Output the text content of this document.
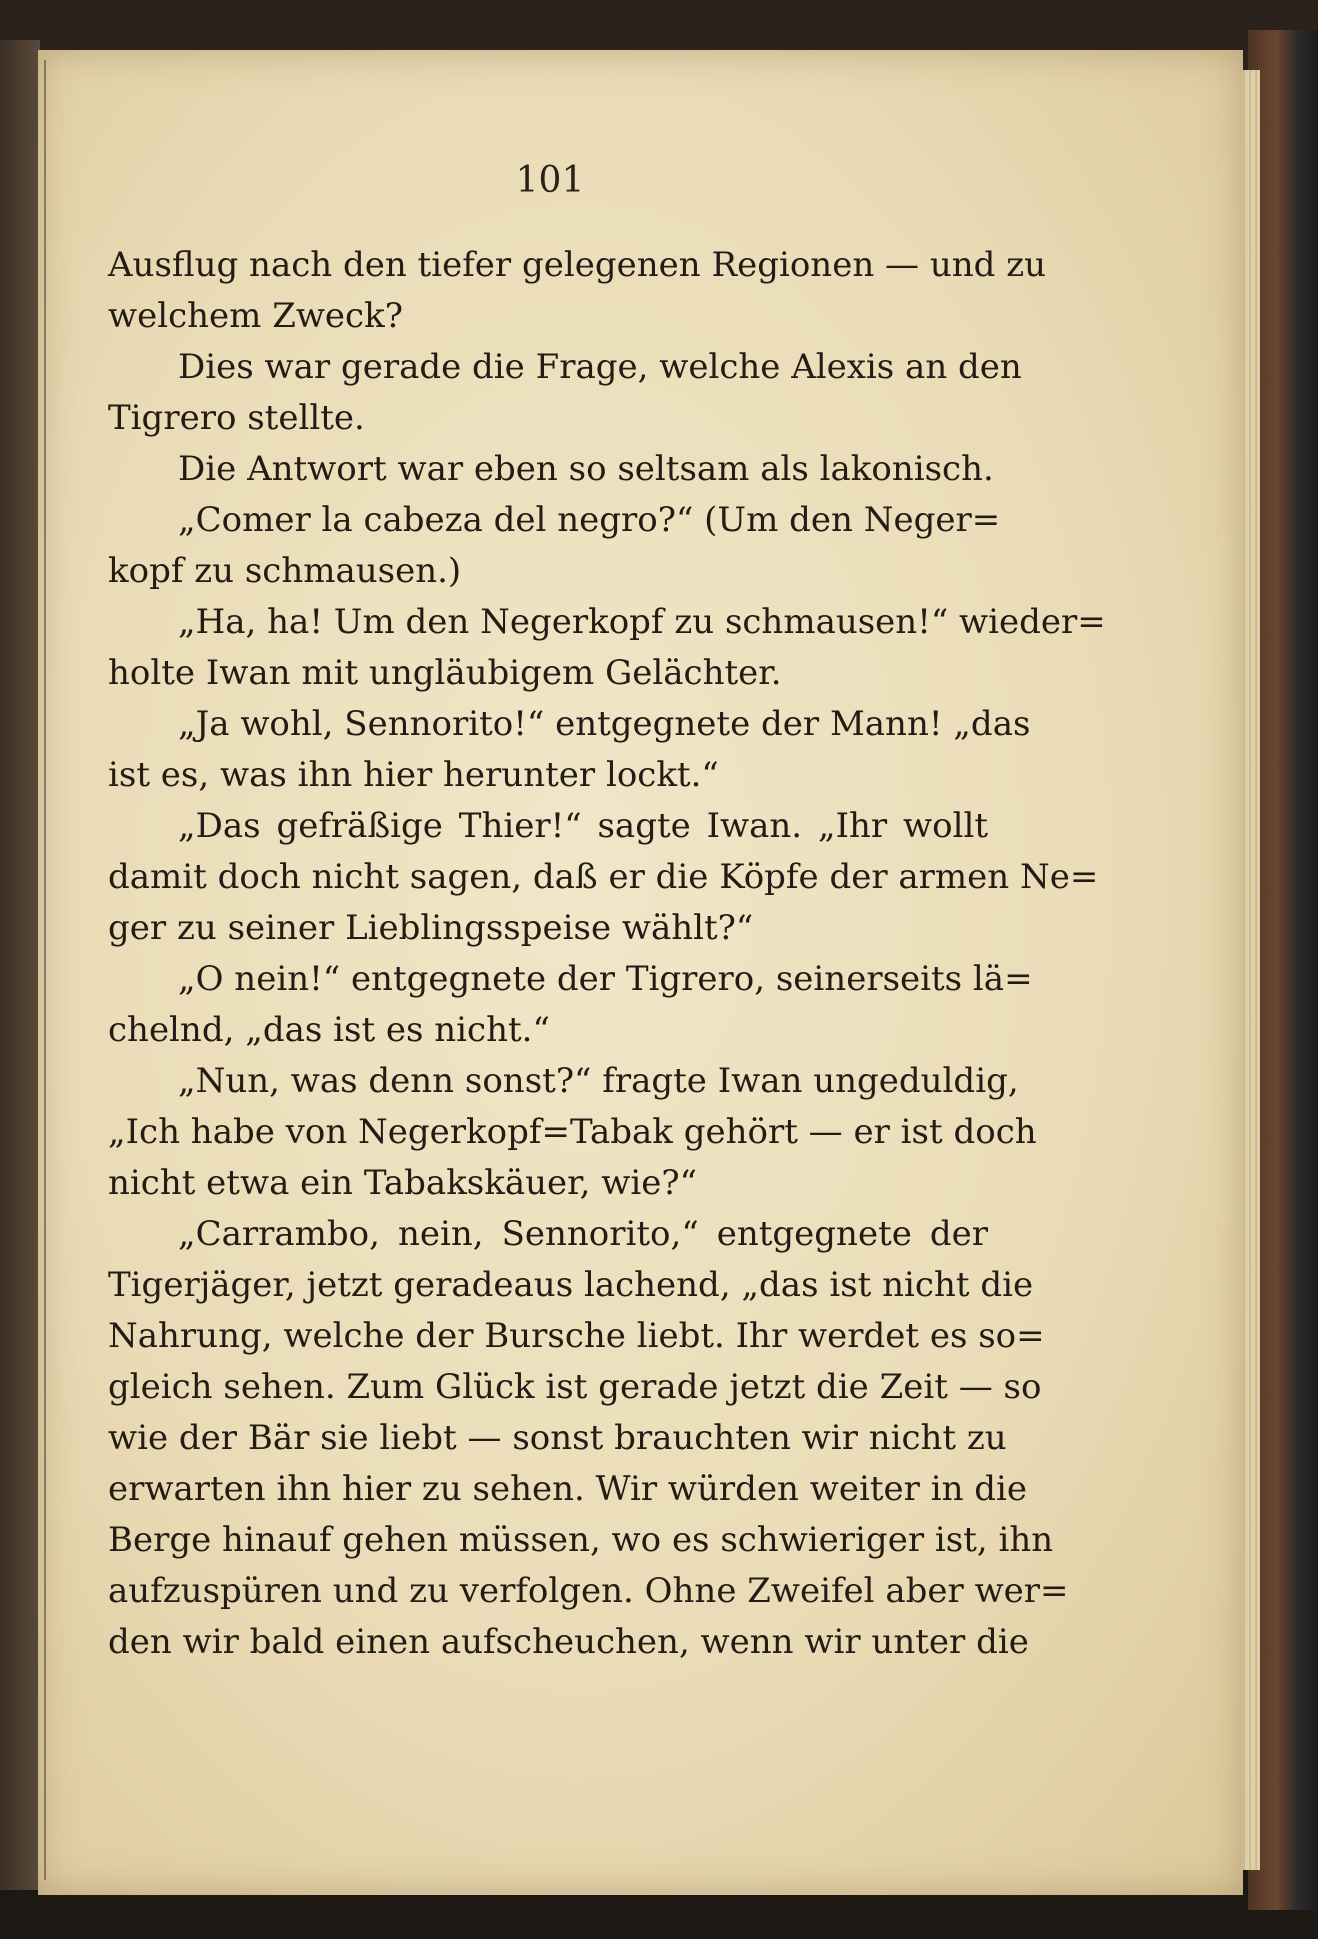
101
Ausflug nach den tiefer gelegenen Regionen — und zu
welchem Zweck?
Dies war gerade die Frage, welche Alexis an den
Tigrero stellte.
Die Antwort war eben so seltsam als lakonisch.
„Comer la cabeza del negro?“ (Um den Neger=
kopf zu schmausen.)
„Ha, ha! Um den Negerkopf zu schmausen!“ wieder=
holte Iwan mit ungläubigem Gelächter.
„Ja wohl, Sennorito!“ entgegnete der Mann! „das
ist es, was ihn hier herunter lockt.“
„Das gefräßige Thier!“ sagte Iwan. „Ihr wollt
damit doch nicht sagen, daß er die Köpfe der armen Ne=
ger zu seiner Lieblingsspeise wählt?“
„O nein!“ entgegnete der Tigrero, seinerseits lä=
chelnd, „das ist es nicht.“
„Nun, was denn sonst?“ fragte Iwan ungeduldig,
„Ich habe von Negerkopf=Tabak gehört — er ist doch
nicht etwa ein Tabakskäuer, wie?“
„Carrambo, nein, Sennorito,“ entgegnete der
Tigerjäger, jetzt geradeaus lachend, „das ist nicht die
Nahrung, welche der Bursche liebt. Ihr werdet es so=
gleich sehen. Zum Glück ist gerade jetzt die Zeit — so
wie der Bär sie liebt — sonst brauchten wir nicht zu
erwarten ihn hier zu sehen. Wir würden weiter in die
Berge hinauf gehen müssen, wo es schwieriger ist, ihn
aufzuspüren und zu verfolgen. Ohne Zweifel aber wer=
den wir bald einen aufscheuchen, wenn wir unter die
